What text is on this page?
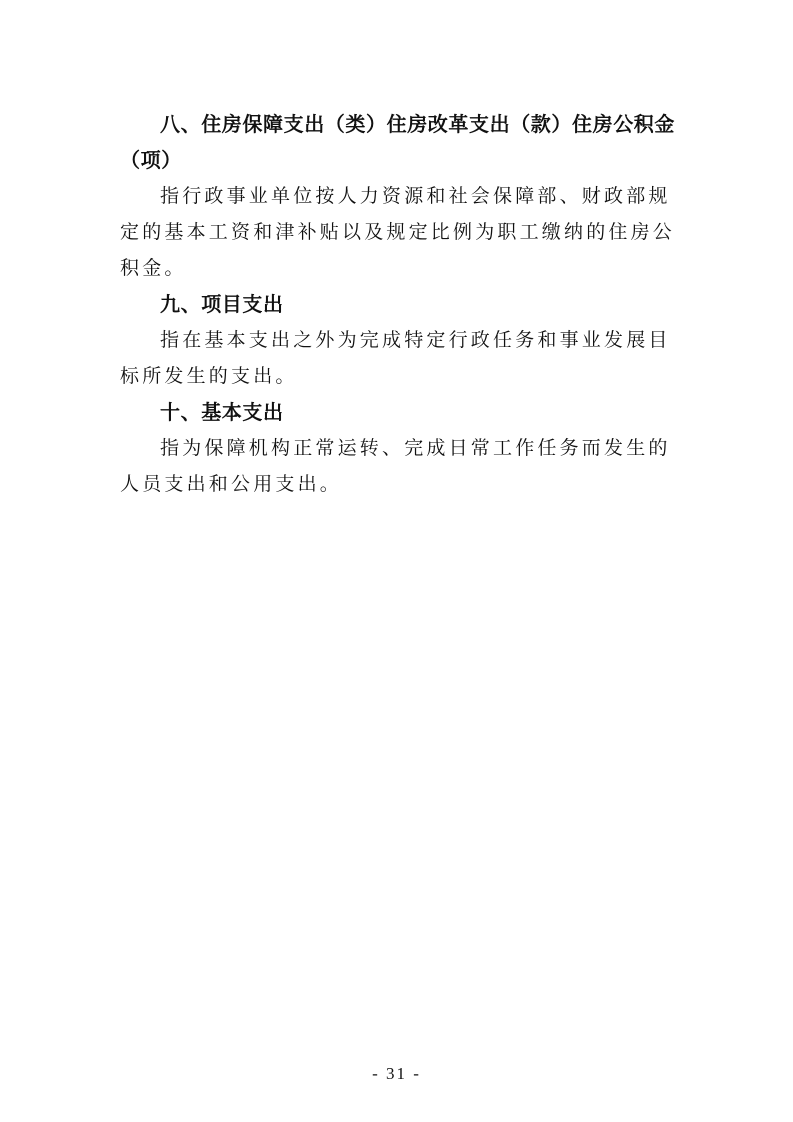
八、住房保障支出（类）住房改革支出（款）住房公积金（项）

指行政事业单位按人力资源和社会保障部、财政部规定的基本工资和津补贴以及规定比例为职工缴纳的住房公积金。

九、项目支出

指在基本支出之外为完成特定行政任务和事业发展目标所发生的支出。

十、基本支出

指为保障机构正常运转、完成日常工作任务而发生的人员支出和公用支出。

- 31 -
